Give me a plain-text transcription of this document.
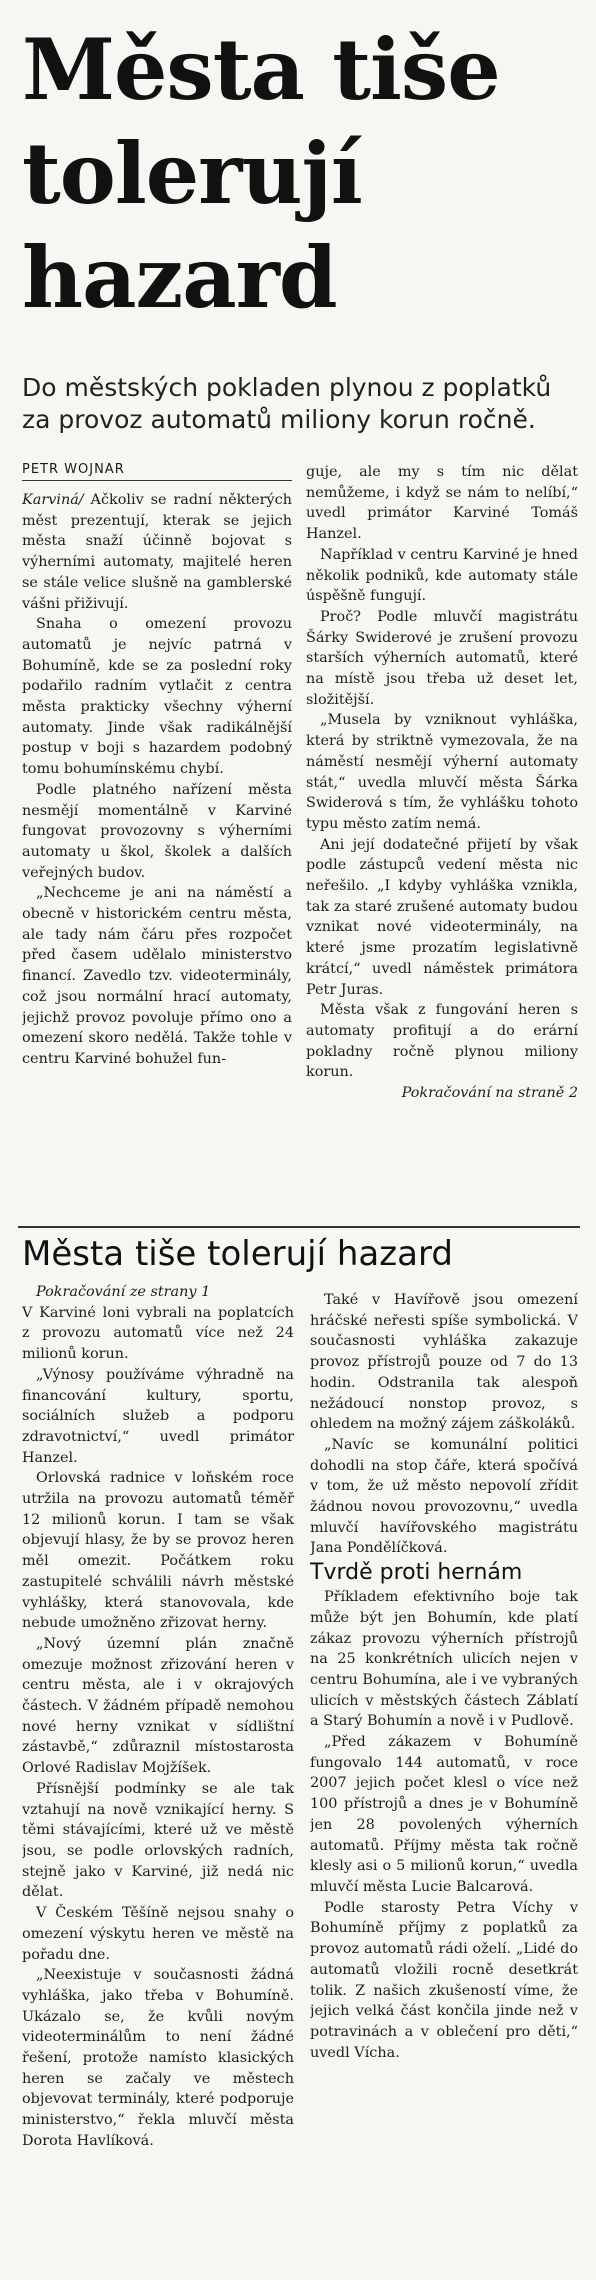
Města tiše
tolerují
hazard
Do městských pokladen plynou z poplatků za provoz automatů miliony korun ročně.
PETR WOJNAR

Karviná/ Ačkoliv se radní některých měst prezentují, kterak se jejich města snaží účinně bojovat s výherními automaty, majitelé heren se stále velice slušně na gamblerské vášni přiživují.

Snaha o omezení provozu automatů je nejvíc patrná v Bohumíně, kde se za poslední roky podařilo radním vytlačit z centra města prakticky všechny výherní automaty. Jinde však radikálnější postup v boji s hazardem podobný tomu bohumínskému chybí.

Podle platného nařízení města nesmějí momentálně v Karviné fungovat provozovny s výherními automaty u škol, školek a dalších veřejných budov.

„Nechceme je ani na náměstí a obecně v historickém centru města, ale tady nám čáru přes rozpočet před časem udělalo ministerstvo financí. Zavedlo tzv. videoterminály, což jsou normální hrací automaty, jejichž provoz povoluje přímo ono a omezení skoro nedělá. Takže tohle v centru Karviné bohužel fun-

guje, ale my s tím nic dělat nemůžeme, i když se nám to nelíbí,“ uvedl primátor Karviné Tomáš Hanzel.

Například v centru Karviné je hned několik podniků, kde automaty stále úspěšně fungují.

Proč? Podle mluvčí magistrátu Šárky Swiderové je zrušení provozu starších výherních automatů, které na místě jsou třeba už deset let, složitější.

„Musela by vzniknout vyhláška, která by striktně vymezovala, že na náměstí nesmějí výherní automaty stát,“ uvedla mluvčí města Šárka Swiderová s tím, že vyhlášku tohoto typu město zatím nemá.

Ani její dodatečné přijetí by však podle zástupců vedení města nic neřešilo. „I kdyby vyhláška vznikla, tak za staré zrušené automaty budou vznikat nové videoterminály, na které jsme prozatím legislativně krátcí,“ uvedl náměstek primátora Petr Juras.

Města však z fungování heren s automaty profitují a do erární pokladny ročně plynou miliony korun.

Pokračování na straně 2

Města tiše tolerují hazard

Pokračování ze strany 1

V Karviné loni vybrali na poplatcích z provozu automatů více než 24 milionů korun.

„Výnosy používáme výhradně na financování kultury, sportu, sociálních služeb a podporu zdravotnictví,“ uvedl primátor Hanzel.

Orlovská radnice v loňském roce utržila na provozu automatů téměř 12 milionů korun. I tam se však objevují hlasy, že by se provoz heren měl omezit. Počátkem roku zastupitelé schválili návrh městské vyhlášky, která stanovovala, kde nebude umožněno zřizovat herny.

„Nový územní plán značně omezuje možnost zřizování heren v centru města, ale i v okrajových částech. V žádném případě nemohou nové herny vznikat v sídlištní zástavbě,“ zdůraznil místostarosta Orlové Radislav Mojžíšek.

Přísnější podmínky se ale tak vztahují na nově vznikající herny. S těmi stávajícími, které už ve městě jsou, se podle orlovských radních, stejně jako v Karviné, již nedá nic dělat.

V Českém Těšíně nejsou snahy o omezení výskytu heren ve městě na pořadu dne.

„Neexistuje v současnosti žádná vyhláška, jako třeba v Bohumíně. Ukázalo se, že kvůli novým videoterminálům to není žádné řešení, protože namísto klasických heren se začaly ve městech objevovat terminály, které podporuje ministerstvo,“ řekla mluvčí města Dorota Havlíková.

Také v Havířově jsou omezení hráčské neřesti spíše symbolická. V současnosti vyhláška zakazuje provoz přístrojů pouze od 7 do 13 hodin. Odstranila tak alespoň nežádoucí nonstop provoz, s ohledem na možný zájem záškoláků.

„Navíc se komunální politici dohodli na stop čáře, která spočívá v tom, že už město nepovolí zřídit žádnou novou provozovnu,“ uvedla mluvčí havířovského magistrátu Jana Pondělíčková.

Tvrdě proti hernám

Příkladem efektivního boje tak může být jen Bohumín, kde platí zákaz provozu výherních přístrojů na 25 konkrétních ulicích nejen v centru Bohumína, ale i ve vybraných ulicích v městských částech Záblatí a Starý Bohumín a nově i v Pudlově.

„Před zákazem v Bohumíně fungovalo 144 automatů, v roce 2007 jejich počet klesl o více než 100 přístrojů a dnes je v Bohumíně jen 28 povolených výherních automatů. Příjmy města tak ročně klesly asi o 5 milionů korun,“ uvedla mluvčí města Lucie Balcarová.

Podle starosty Petra Víchy v Bohumíně příjmy z poplatků za provoz automatů rádi oželí. „Lidé do automatů vložili rocně desetkrát tolik. Z našich zkušeností víme, že jejich velká část končila jinde než v potravinách a v oblečení pro děti,“ uvedl Vícha.
